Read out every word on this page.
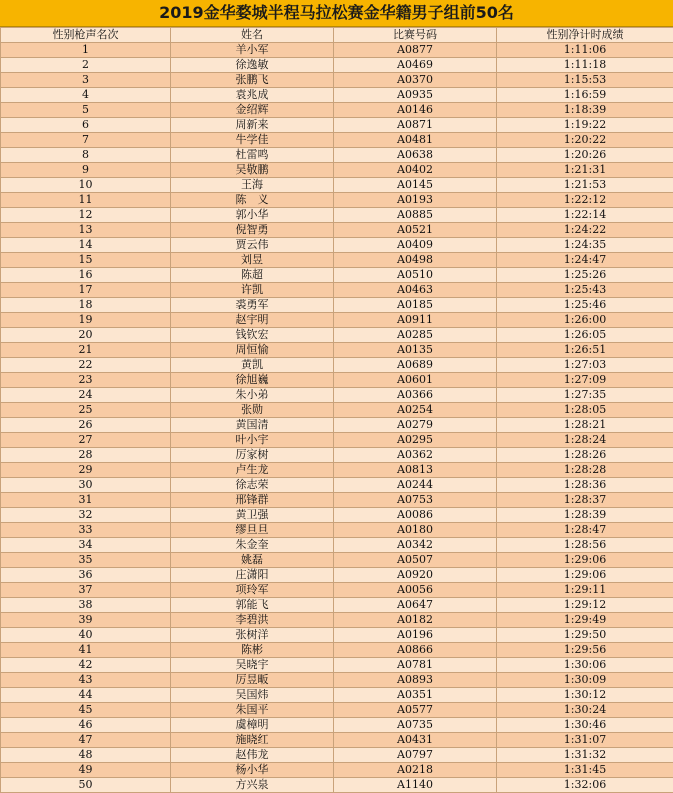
2019金华婺城半程马拉松赛金华籍男子组前50名
性别枪声名次	姓名	比赛号码	性别净计时成绩
1	羊小军	A0877	1:11:06
2	徐逸敏	A0469	1:11:18
3	张鹏飞	A0370	1:15:53
4	袁兆成	A0935	1:16:59
5	金绍辉	A0146	1:18:39
6	周新来	A0871	1:19:22
7	牛学佳	A0481	1:20:22
8	杜雷鸣	A0638	1:20:26
9	吴敬鹏	A0402	1:21:31
10	王海	A0145	1:21:53
11	陈　义	A0193	1:22:12
12	郭小华	A0885	1:22:14
13	倪智勇	A0521	1:24:22
14	贾云伟	A0409	1:24:35
15	刘昱	A0498	1:24:47
16	陈超	A0510	1:25:26
17	许凯	A0463	1:25:43
18	裘勇军	A0185	1:25:46
19	赵宇明	A0911	1:26:00
20	钱钦宏	A0285	1:26:05
21	周恒愉	A0135	1:26:51
22	黄凯	A0689	1:27:03
23	徐旭巍	A0601	1:27:09
24	朱小弟	A0366	1:27:35
25	张勋	A0254	1:28:05
26	黄国清	A0279	1:28:21
27	叶小宇	A0295	1:28:24
28	厉家树	A0362	1:28:26
29	卢生龙	A0813	1:28:28
30	徐志荣	A0244	1:28:36
31	邢锋群	A0753	1:28:37
32	黄卫强	A0086	1:28:39
33	缪旦旦	A0180	1:28:47
34	朱金奎	A0342	1:28:56
35	姚磊	A0507	1:29:06
36	庄潇阳	A0920	1:29:06
37	项玲军	A0056	1:29:11
38	郭能飞	A0647	1:29:12
39	李碧洪	A0182	1:29:49
40	张树洋	A0196	1:29:50
41	陈彬	A0866	1:29:56
42	吴晓宇	A0781	1:30:06
43	厉昱畈	A0893	1:30:09
44	吴国炜	A0351	1:30:12
45	朱国平	A0577	1:30:24
46	虞樟明	A0735	1:30:46
47	施晓红	A0431	1:31:07
48	赵伟龙	A0797	1:31:32
49	杨小华	A0218	1:31:45
50	方兴泉	A1140	1:32:06
